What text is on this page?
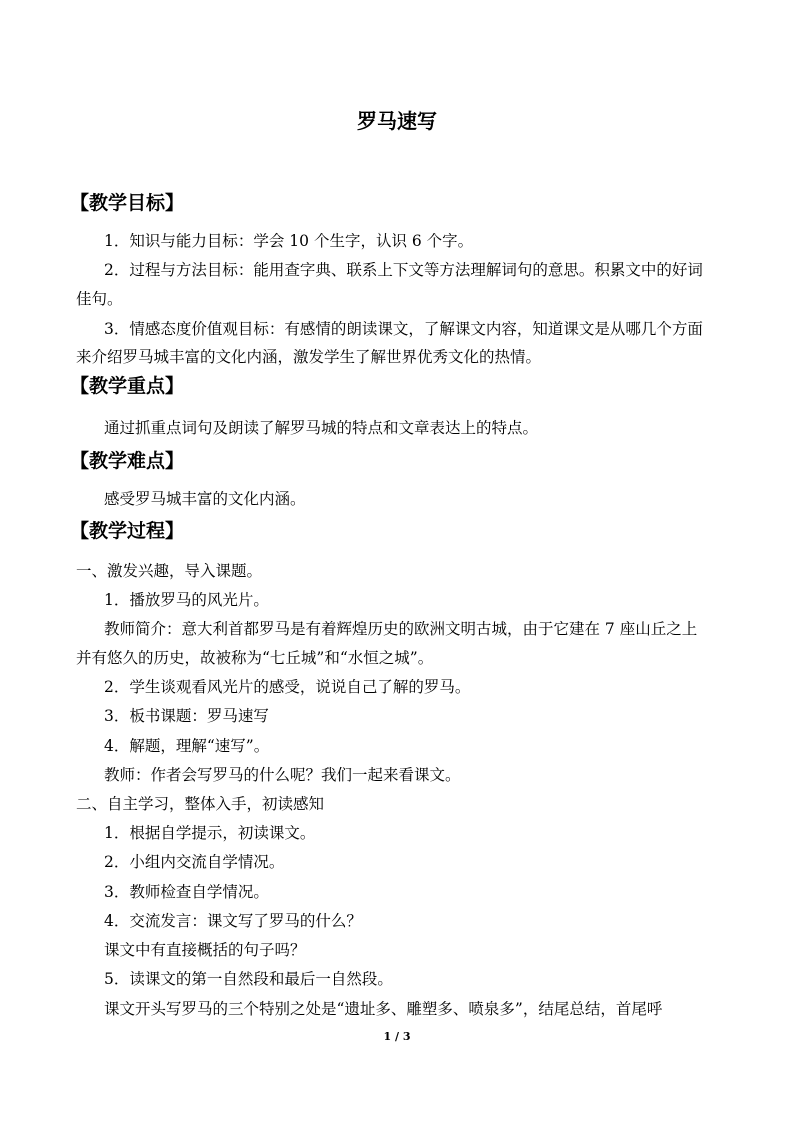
罗马速写
【教学目标】
1．知识与能力目标：学会 10 个生字，认识 6 个字。
2．过程与方法目标：能用查字典、联系上下文等方法理解词句的意思。积累文中的好词
佳句。
3．情感态度价值观目标：有感情的朗读课文，了解课文内容，知道课文是从哪几个方面
来介绍罗马城丰富的文化内涵，激发学生了解世界优秀文化的热情。
【教学重点】
通过抓重点词句及朗读了解罗马城的特点和文章表达上的特点。
【教学难点】
感受罗马城丰富的文化内涵。
【教学过程】
一、激发兴趣，导入课题。
1．播放罗马的风光片。
教师简介：意大利首都罗马是有着辉煌历史的欧洲文明古城，由于它建在 7 座山丘之上
并有悠久的历史，故被称为“七丘城”和“水恒之城”。
2．学生谈观看风光片的感受，说说自己了解的罗马。
3．板书课题：罗马速写
4．解题，理解“速写”。
教师：作者会写罗马的什么呢？我们一起来看课文。
二、自主学习，整体入手，初读感知
1．根据自学提示，初读课文。
2．小组内交流自学情况。
3．教师检查自学情况。
4．交流发言：课文写了罗马的什么？
课文中有直接概括的句子吗？
5．读课文的第一自然段和最后一自然段。
课文开头写罗马的三个特别之处是“遗址多、雕塑多、喷泉多”，结尾总结，首尾呼
1 / 3
